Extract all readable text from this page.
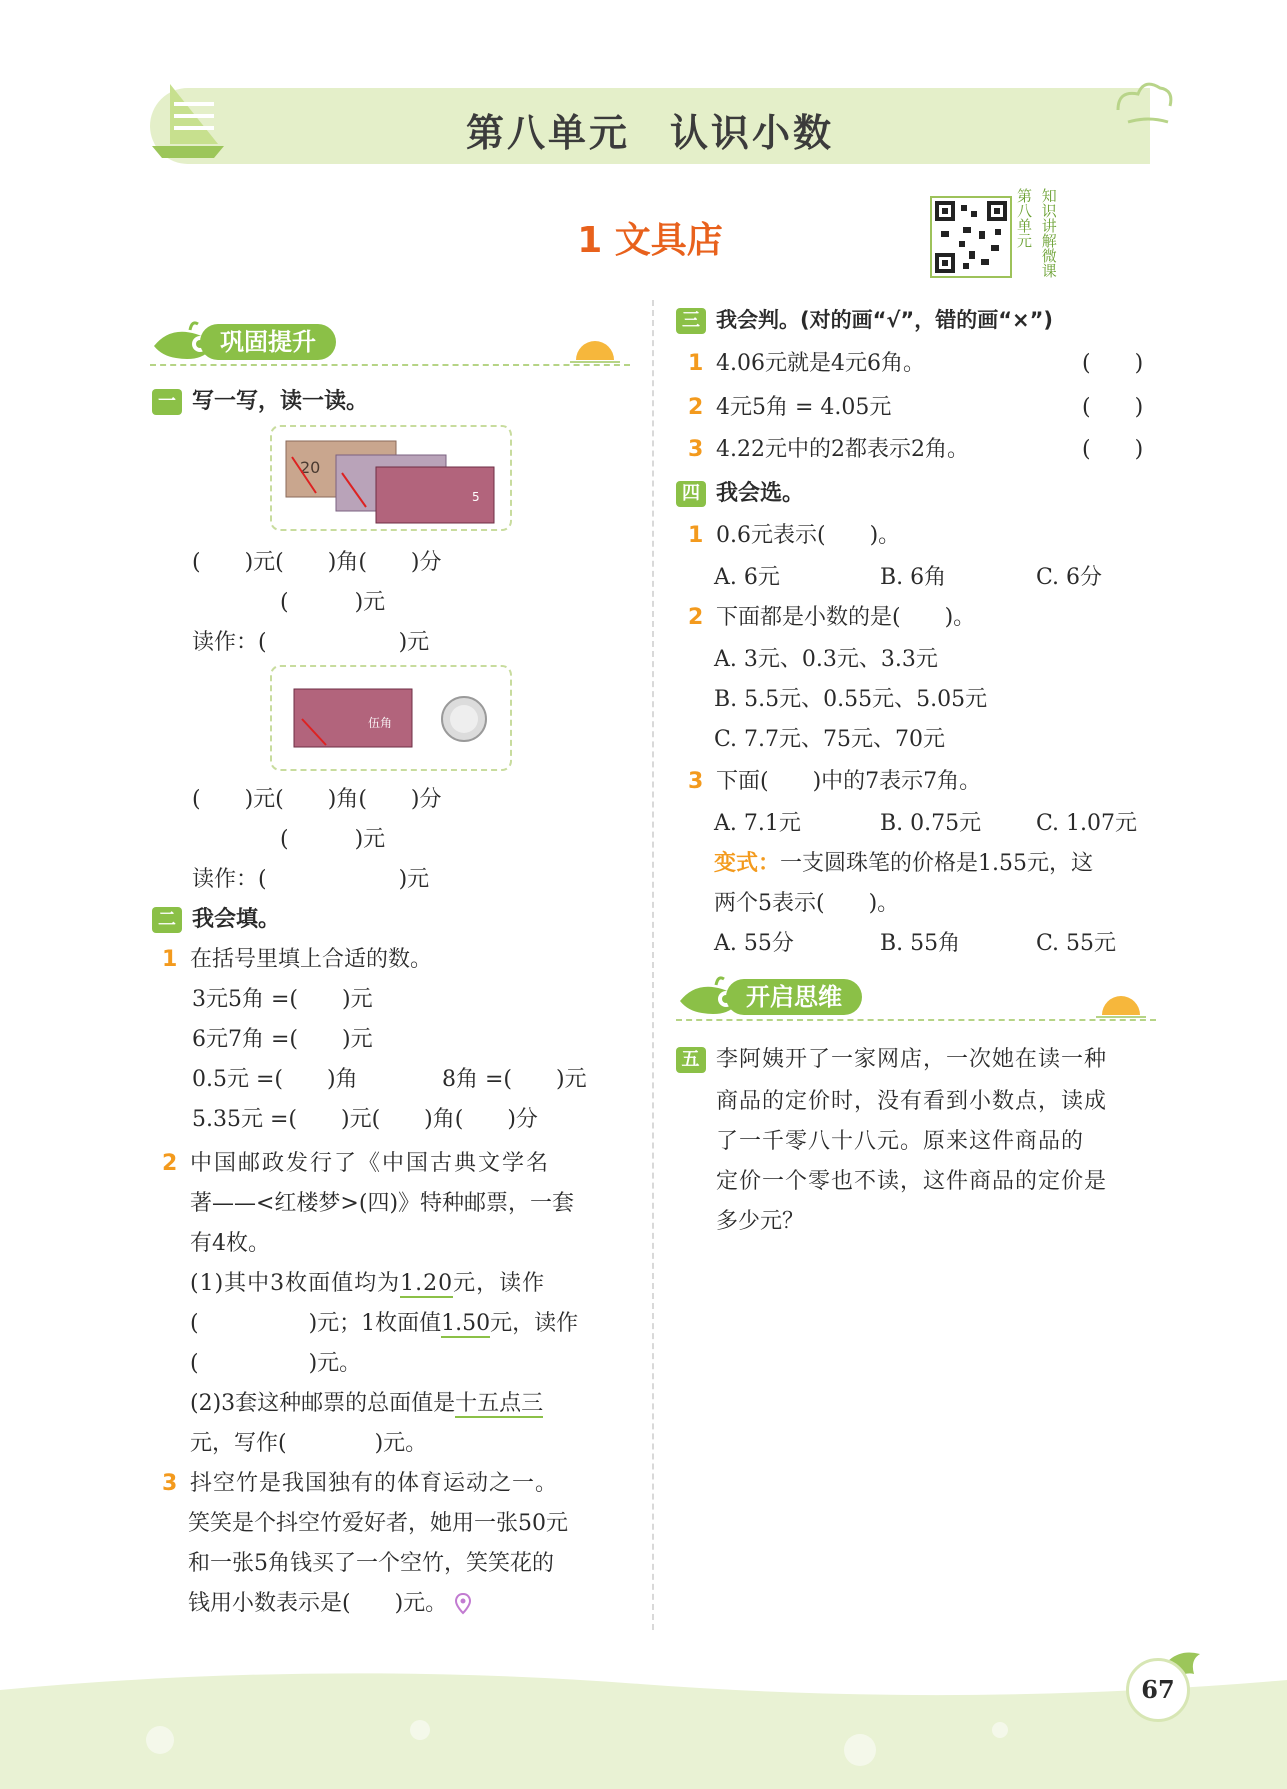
第八单元 认识小数
1 文具店	第八单元 知识讲解微课
巩固提升
一 写一写，读一读。
20
5
(　　)元(　　)角(　　)分
(　　　)元
读作：(　　　　　　)元
伍角
(　　)元(　　)角(　　)分
(　　　)元
读作：(　　　　　　)元
二 我会填。
1 在括号里填上合适的数。
3元5角 =(　　)元
6元7角 =(　　)元
0.5元 =(　　)角	8角 =(　　)元
5.35元 =(　　)元(　　)角(　　)分
2 中国邮政发行了《中国古典文学名
著——<红楼梦>(四)》特种邮票，一套
有4枚。
(1)其中3枚面值均为1.20元，读作
(　　　　　)元；1枚面值1.50元，读作
(　　　　　)元。
(2)3套这种邮票的总面值是十五点三
元，写作(　　　　)元。
3 抖空竹是我国独有的体育运动之一。
笑笑是个抖空竹爱好者，她用一张50元
和一张5角钱买了一个空竹，笑笑花的
钱用小数表示是(　　)元。
三 我会判。(对的画“√”，错的画“×”)
1 4.06元就是4元6角。	(　　)
2 4元5角 = 4.05元	(　　)
3 4.22元中的2都表示2角。	(　　)
四 我会选。
1 0.6元表示(　　)。
A. 6元	B. 6角	C. 6分
2 下面都是小数的是(　　)。
A. 3元、0.3元、3.3元
B. 5.5元、0.55元、5.05元
C. 7.7元、75元、70元
3 下面(　　)中的7表示7角。
A. 7.1元	B. 0.75元 C. 1.07元
变式：一支圆珠笔的价格是1.55元，这
两个5表示(　　)。
A. 55分	B. 55角	C. 55元
开启思维
五 李阿姨开了一家网店，一次她在读一种
商品的定价时，没有看到小数点，读成
了一千零八十八元。原来这件商品的
定价一个零也不读，这件商品的定价是
多少元？
67
